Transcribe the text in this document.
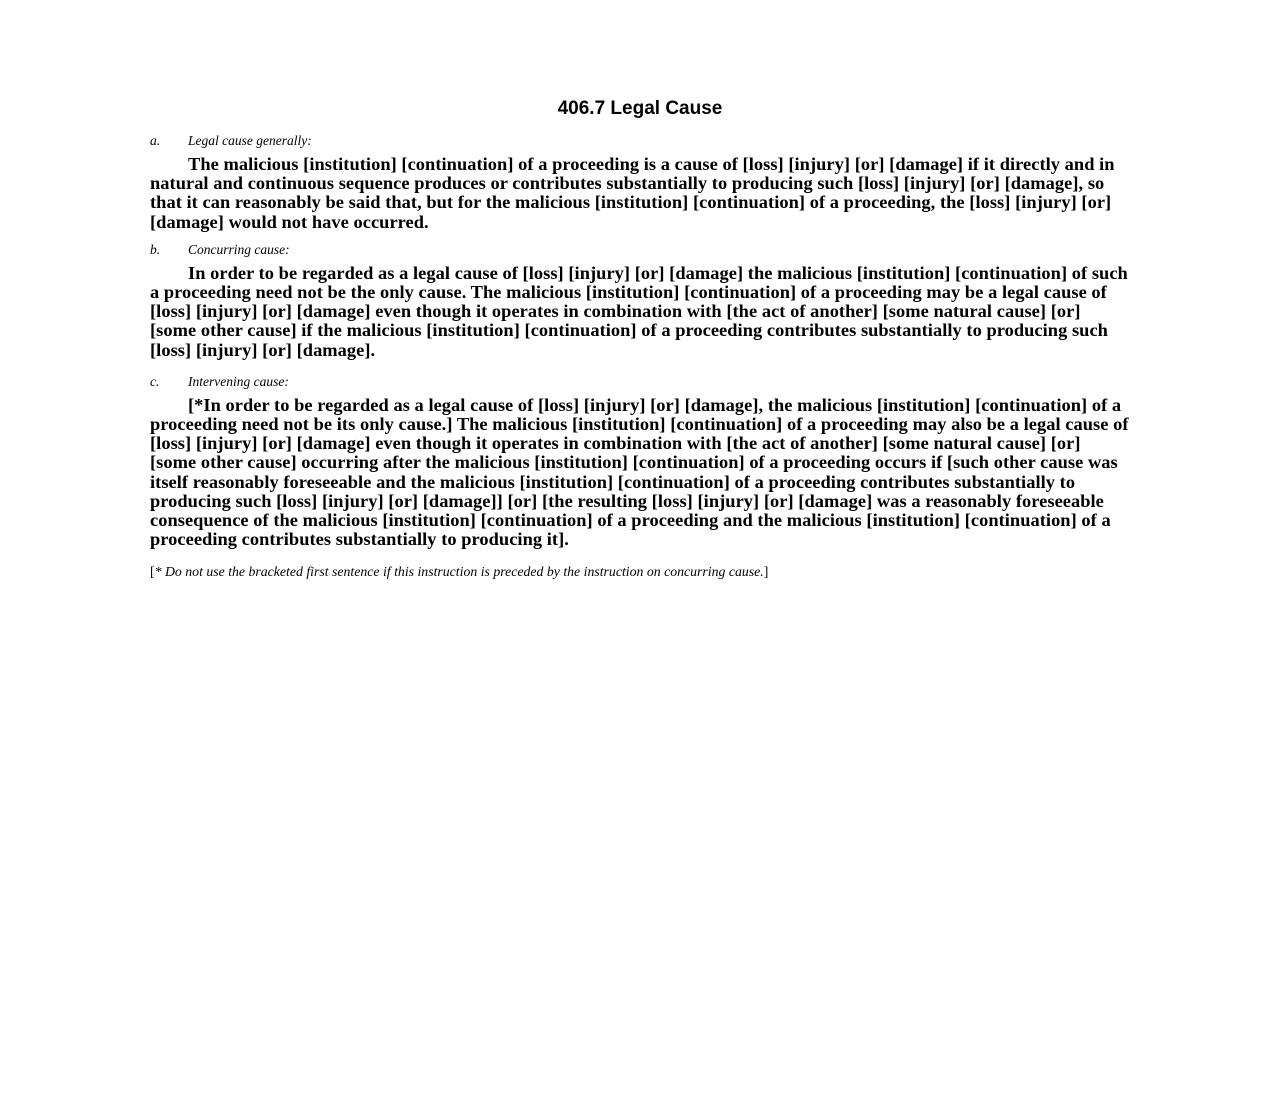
406.7 Legal Cause
a.	Legal cause generally:

The malicious [institution] [continuation] of a proceeding is a cause of [loss] [injury] [or] [damage] if it directly and in natural and continuous sequence produces or contributes substantially to producing such [loss] [injury] [or] [damage], so that it can reasonably be said that, but for the malicious [institution] [continuation] of a proceeding, the [loss] [injury] [or] [damage] would not have occurred.

b.	Concurring cause:

In order to be regarded as a legal cause of [loss] [injury] [or] [damage] the malicious [institution] [continuation] of such a proceeding need not be the only cause. The malicious [institution] [continuation] of a proceeding may be a legal cause of [loss] [injury] [or] [damage] even though it operates in combination with [the act of another] [some natural cause] [or] [some other cause] if the malicious [institution] [continuation] of a proceeding contributes substantially to producing such [loss] [injury] [or] [damage].

c.	Intervening cause:

[*In order to be regarded as a legal cause of [loss] [injury] [or] [damage], the malicious [institution] [continuation] of a proceeding need not be its only cause.] The malicious [institution] [continuation] of a proceeding may also be a legal cause of [loss] [injury] [or] [damage] even though it operates in combination with [the act of another] [some natural cause] [or] [some other cause] occurring after the malicious [institution] [continuation] of a proceeding occurs if [such other cause was itself reasonably foreseeable and the malicious [institution] [continuation] of a proceeding contributes substantially to producing such [loss] [injury] [or] [damage]] [or] [the resulting [loss] [injury] [or] [damage] was a reasonably foreseeable consequence of the malicious [institution] [continuation] of a proceeding and the malicious [institution] [continuation] of a proceeding contributes substantially to producing it].

[* Do not use the bracketed first sentence if this instruction is preceded by the instruction on concurring cause.]
